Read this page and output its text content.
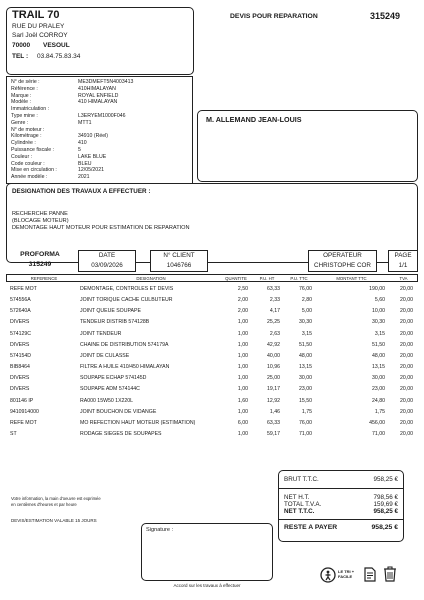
TRAIL 70
RUE DU PRALEY
Sarl Joël CORROY
70000 VESOUL
TEL : 03.84.75.83.34
DEVIS POUR REPARATION	315249
N° de série :	ME3DMEFT5N4003413
Référence :	410HIMALAYAN
Marque :	ROYAL ENFIELD
Modèle :	410 HIMALAYAN
Immatriculation :
Type mine :	L3ERYEM1000F046
Genre :	MTT1
N° de moteur :
Kilométrage :	34910 (Réel)
Cylindrée :	410
Puissance fiscale :	5
Couleur :	LAKE BLUE
Code couleur :	BLEU
Mise en circulation :	12/05/2021
Année modèle :	2021
M. ALLEMAND JEAN-LOUIS
DESIGNATION DES TRAVAUX A EFFECTUER :
RECHERCHE PANNE
(BLOCAGE MOTEUR)
DEMONTAGE HAUT MOTEUR POUR ESTIMATION DE REPARATION
PROFORMA
315249
DATE
03/09/2026
N° CLIENT
1046766
OPERATEUR
CHRISTOPHE COR
PAGE
1/1
REFERENCE	DESIGNATION	QUANTITE	P.U. HT	P.U. TTC	MONTANT TTC	TVA
REFE MOT	DEMONTAGE, CONTROLES ET DEVIS	2,50	63,33	76,00	190,00	20,00
574556A	JOINT TORIQUE CACHE CULBUTEUR	2,00	2,33	2,80	5,60	20,00
572640A	JOINT QUEUE SOUPAPE	2,00	4,17	5,00	10,00	20,00
DIVERS	TENDEUR DISTRIB 574128B	1,00	25,25	30,30	30,30	20,00
574129C	JOINT TENDEUR	1,00	2,63	3,15	3,15	20,00
DIVERS	CHAINE DE DISTRIBUTION 574179A	1,00	42,92	51,50	51,50	20,00
574154D	JOINT DE CULASSE	1,00	40,00	48,00	48,00	20,00
BIB8464	FILTRE A HUILE 410/450 HIMALAYAN	1,00	10,96	13,15	13,15	20,00
DIVERS	SOUPAPE ECHAP 574145D	1,00	25,00	30,00	30,00	20,00
DIVERS	SOUPAPE ADM 574144C	1,00	19,17	23,00	23,00	20,00
801146 IP	RA000 15W50 1X220L	1,60	12,92	15,50	24,80	20,00
9410914000	JOINT BOUCHON DE VIDANGE	1,00	1,46	1,75	1,75	20,00
REFE MOT	MO REFECTION HAUT MOTEUR (ESTIMATION)	6,00	63,33	76,00	456,00	20,00
ST	RODAGE SIEGES DE SOUPAPES	1,00	59,17	71,00	71,00	20,00
Votre information, la main d'oeuvre est exprimée
en centièmes d'heures et par heure
DEVIS/ESTIMATION VALABLE 15 JOURS
BRUT T.T.C.	958,25 €
NET H.T.	798,56 €
TOTAL T.V.A.	159,69 €
NET T.T.C.	958,25 €
RESTE A PAYER	958,25 €
Signature :
Accord sur les travaux à effectuer
LE TRI + FACILE
